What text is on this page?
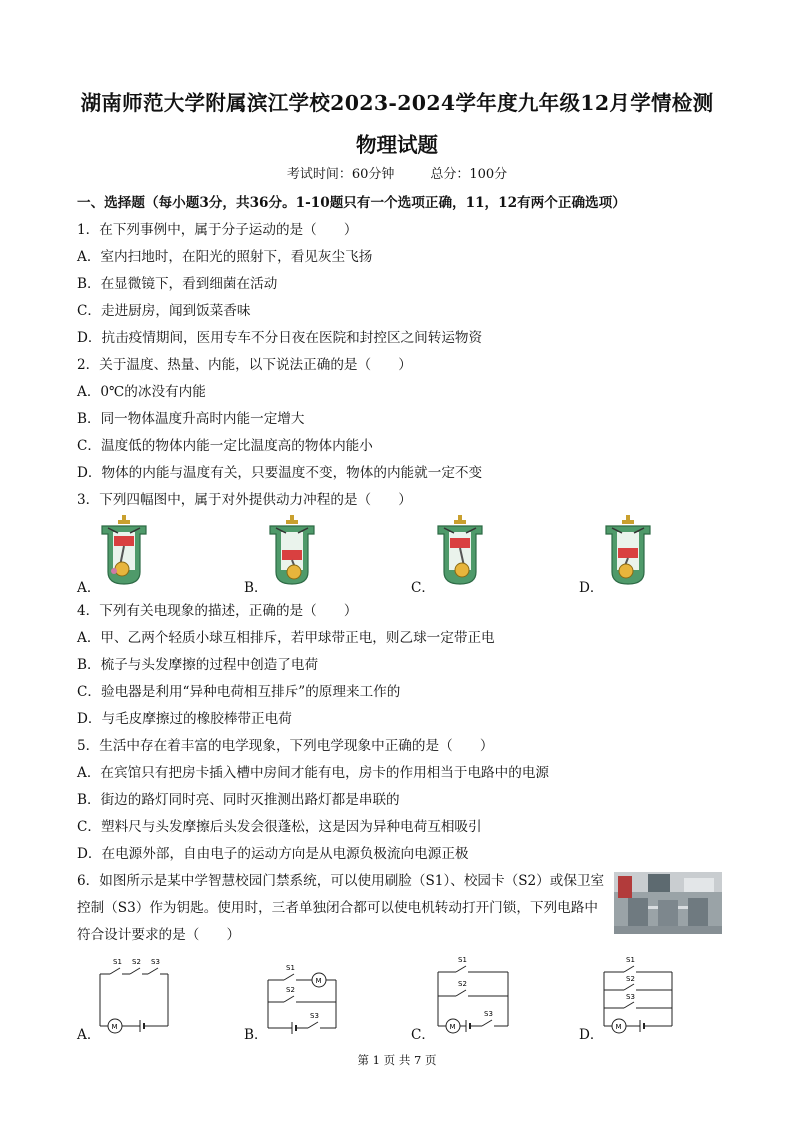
湖南师范大学附属滨江学校2023-2024学年度九年级12月学情检测
物理试题
考试时间：60分钟	总分：100分
一、选择题（每小题3分，共36分。1-10题只有一个选项正确，11，12有两个正确选项）
1．在下列事例中，属于分子运动的是（　　）
A．室内扫地时，在阳光的照射下，看见灰尘飞扬
B．在显微镜下，看到细菌在活动
C．走进厨房，闻到饭菜香味
D．抗击疫情期间，医用专车不分日夜在医院和封控区之间转运物资
2．关于温度、热量、内能，以下说法正确的是（　　）
A．0℃的冰没有内能
B．同一物体温度升高时内能一定增大
C．温度低的物体内能一定比温度高的物体内能小
D．物体的内能与温度有关，只要温度不变，物体的内能就一定不变
3．下列四幅图中，属于对外提供动力冲程的是（　　）
A．	B．	C．	D．
4．下列有关电现象的描述，正确的是（　　）
A．甲、乙两个轻质小球互相排斥，若甲球带正电，则乙球一定带正电
B．梳子与头发摩擦的过程中创造了电荷
C．验电器是利用“异种电荷相互排斥”的原理来工作的
D．与毛皮摩擦过的橡胶棒带正电荷
5．生活中存在着丰富的电学现象，下列电学现象中正确的是（　　）
A．在宾馆只有把房卡插入槽中房间才能有电，房卡的作用相当于电路中的电源
B．街边的路灯同时亮、同时灭推测出路灯都是串联的
C．塑料尺与头发摩擦后头发会很蓬松，这是因为异种电荷互相吸引
D．在电源外部，自由电子的运动方向是从电源负极流向电源正极
6．如图所示是某中学智慧校园门禁系统，可以使用刷脸（S1）、校园卡（S2）或保卫室
控制（S3）作为钥匙。使用时，三者单独闭合都可以使电机转动打开门锁，下列电路中
符合设计要求的是（　　）
S1 S2 S3
M
A．
S1
S2
S3
M
B．
S1
S2
S3
M
C．
S1
S2
S3
M
D．
第 1 页 共 7 页
